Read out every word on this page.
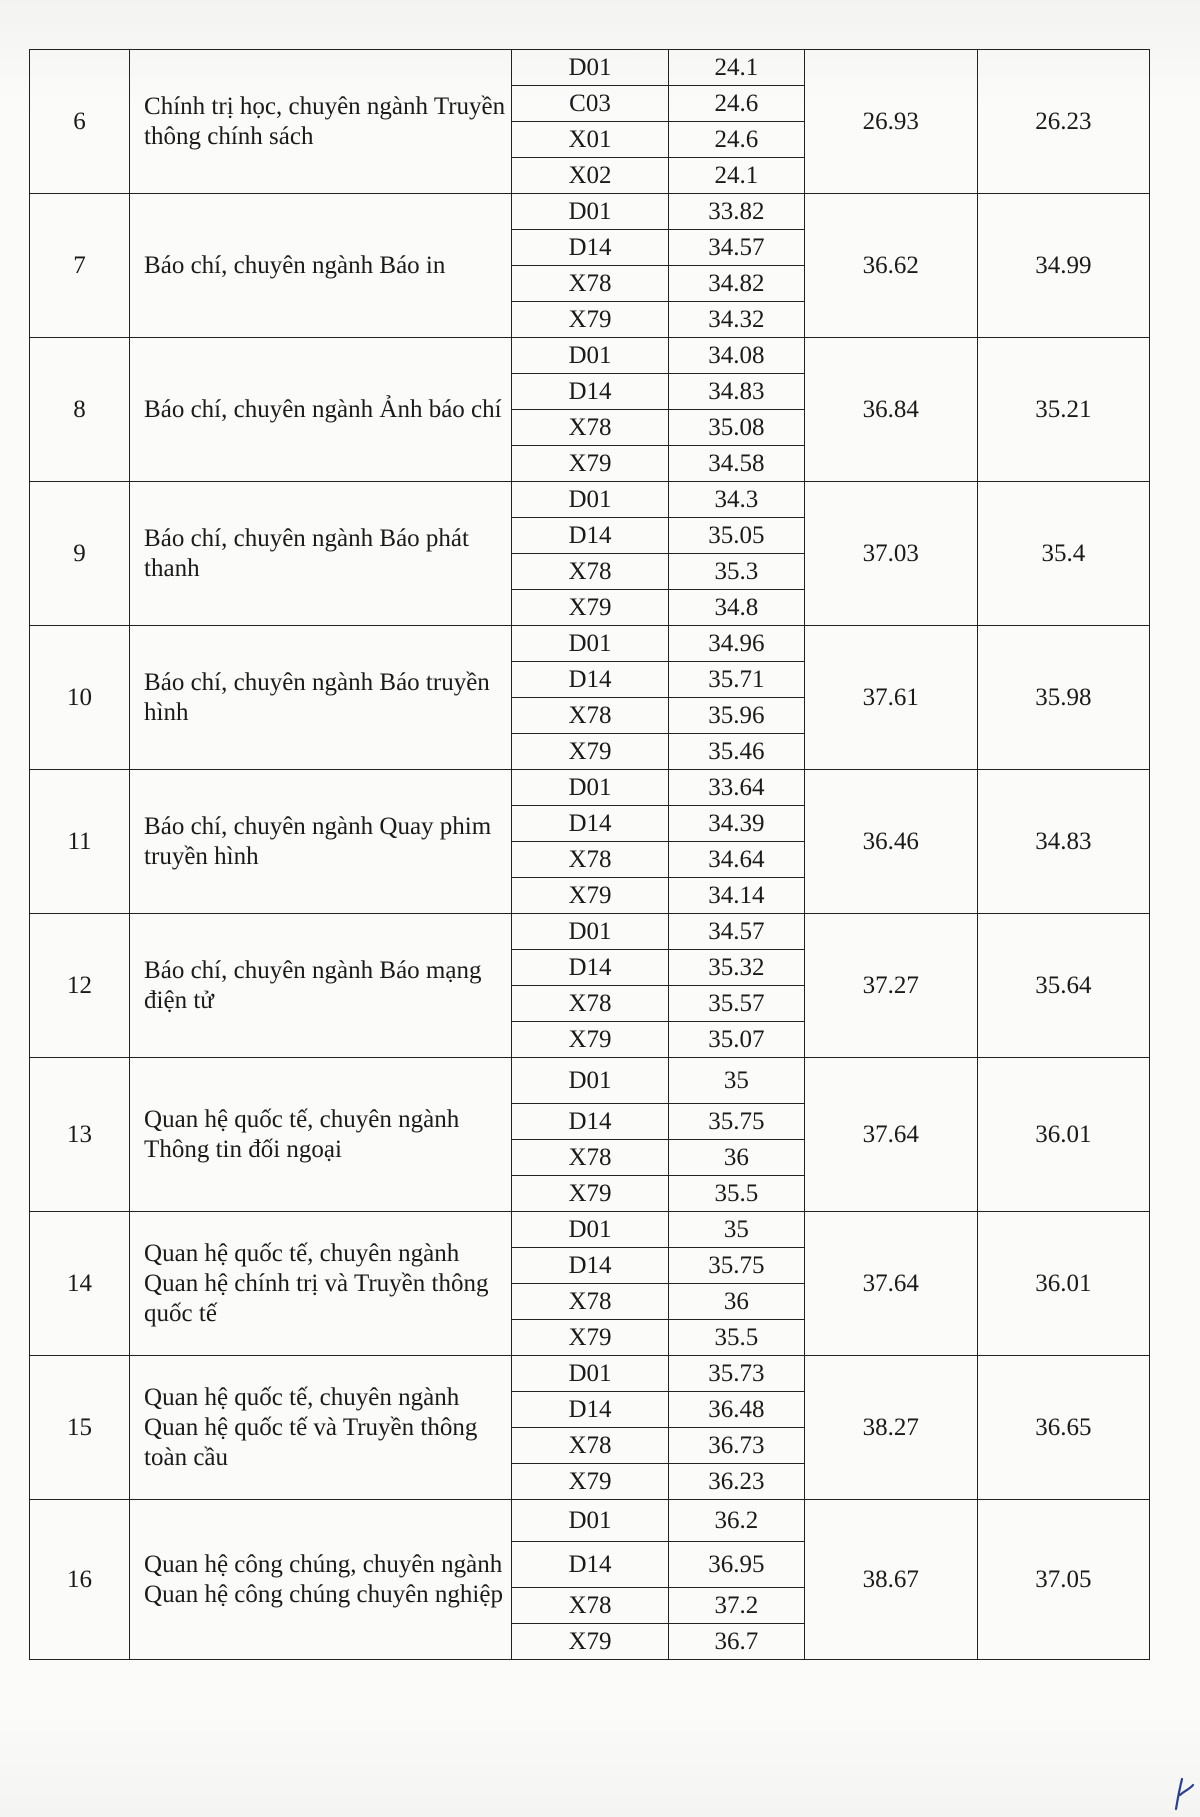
6	Chính trị học, chuyên ngành Truyền thông chính sách	D01	24.1	26.93	26.23
		C03	24.6		
		X01	24.6		
		X02	24.1		
7	Báo chí, chuyên ngành Báo in	D01	33.82	36.62	34.99
		D14	34.57		
		X78	34.82		
		X79	34.32		
8	Báo chí, chuyên ngành Ảnh báo chí	D01	34.08	36.84	35.21
		D14	34.83		
		X78	35.08		
		X79	34.58		
9	Báo chí, chuyên ngành Báo phát thanh	D01	34.3	37.03	35.4
		D14	35.05		
		X78	35.3		
		X79	34.8		
10	Báo chí, chuyên ngành Báo truyền hình	D01	34.96	37.61	35.98
		D14	35.71		
		X78	35.96		
		X79	35.46		
11	Báo chí, chuyên ngành Quay phim truyền hình	D01	33.64	36.46	34.83
		D14	34.39		
		X78	34.64		
		X79	34.14		
12	Báo chí, chuyên ngành Báo mạng điện tử	D01	34.57	37.27	35.64
		D14	35.32		
		X78	35.57		
		X79	35.07		
13	Quan hệ quốc tế, chuyên ngành Thông tin đối ngoại	D01	35	37.64	36.01
		D14	35.75		
		X78	36		
		X79	35.5		
14	Quan hệ quốc tế, chuyên ngành Quan hệ chính trị và Truyền thông quốc tế	D01	35	37.64	36.01
		D14	35.75		
		X78	36		
		X79	35.5		
15	Quan hệ quốc tế, chuyên ngành Quan hệ quốc tế và Truyền thông toàn cầu	D01	35.73	38.27	36.65
		D14	36.48		
		X78	36.73		
		X79	36.23		
16	Quan hệ công chúng, chuyên ngành Quan hệ công chúng chuyên nghiệp	D01	36.2	38.67	37.05
		D14	36.95		
		X78	37.2		
		X79	36.7		
